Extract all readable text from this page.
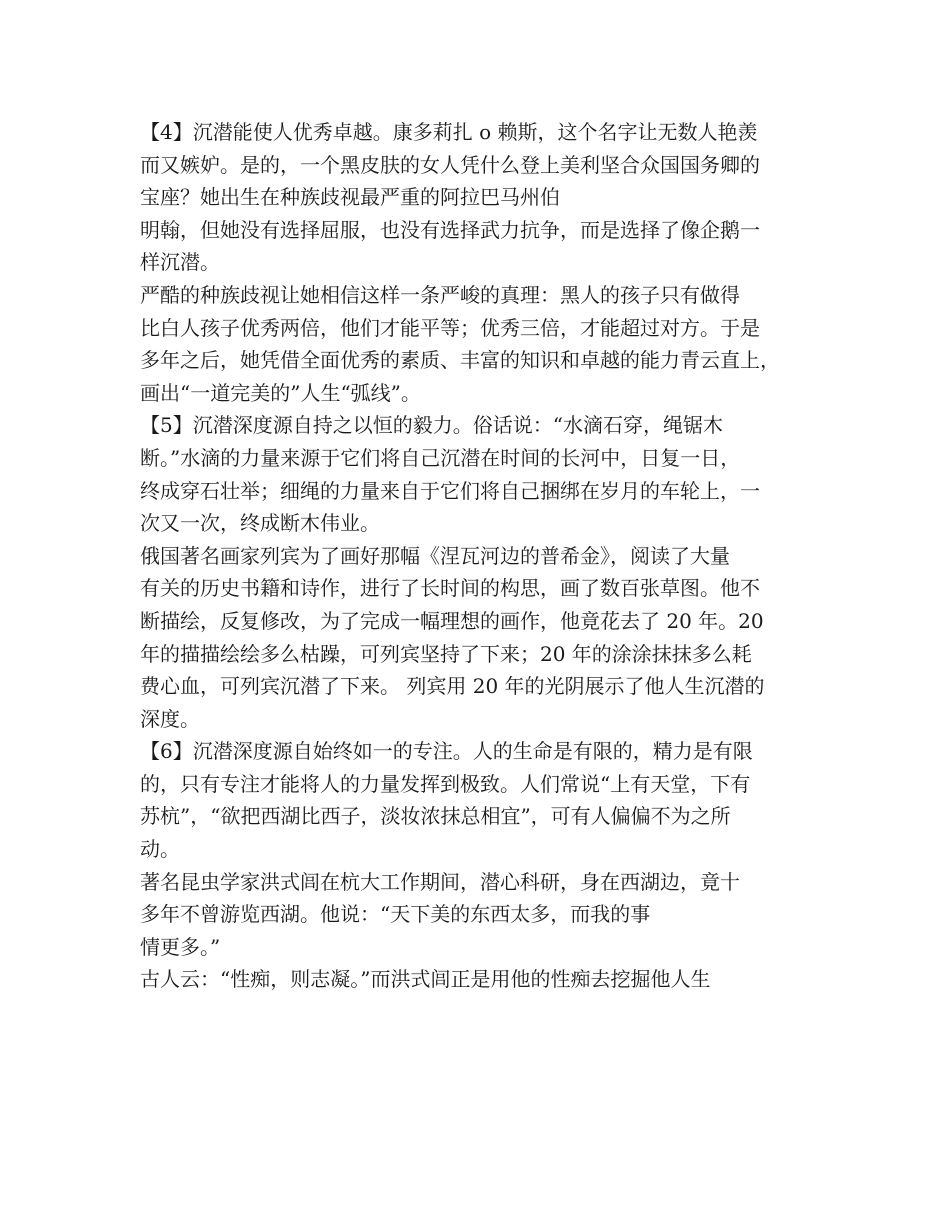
【4】沉潜能使人优秀卓越。康多莉扎 o 赖斯，这个名字让无数人艳羡
而又嫉妒。是的，一个黑皮肤的女人凭什么登上美利坚合众国国务卿的
宝座？她出生在种族歧视最严重的阿拉巴马州伯
明翰，但她没有选择屈服，也没有选择武力抗争，而是选择了像企鹅一
样沉潜。
严酷的种族歧视让她相信这样一条严峻的真理：黑人的孩子只有做得
比白人孩子优秀两倍，他们才能平等；优秀三倍，才能超过对方。于是
多年之后，她凭借全面优秀的素质、丰富的知识和卓越的能力青云直上，
画出“一道完美的”人生“弧线”。
【5】沉潜深度源自持之以恒的毅力。俗话说：“水滴石穿，绳锯木
断。”水滴的力量来源于它们将自己沉潜在时间的长河中，日复一日，
终成穿石壮举；细绳的力量来自于它们将自己捆绑在岁月的车轮上，一
次又一次，终成断木伟业。
俄国著名画家列宾为了画好那幅《涅瓦河边的普希金》，阅读了大量
有关的历史书籍和诗作，进行了长时间的构思，画了数百张草图。他不
断描绘，反复修改，为了完成一幅理想的画作，他竟花去了 20 年。20
年的描描绘绘多么枯躁，可列宾坚持了下来；20 年的涂涂抹抹多么耗
费心血，可列宾沉潜了下来。 列宾用 20 年的光阴展示了他人生沉潜的
深度。
【6】沉潜深度源自始终如一的专注。人的生命是有限的，精力是有限
的，只有专注才能将人的力量发挥到极致。人们常说“上有天堂，下有
苏杭”，“欲把西湖比西子，淡妆浓抹总相宜”，可有人偏偏不为之所
动。
著名昆虫学家洪式闾在杭大工作期间，潜心科研，身在西湖边，竟十
多年不曾游览西湖。他说：“天下美的东西太多，而我的事
情更多。”
古人云：“性痴，则志凝。”而洪式闾正是用他的性痴去挖掘他人生
